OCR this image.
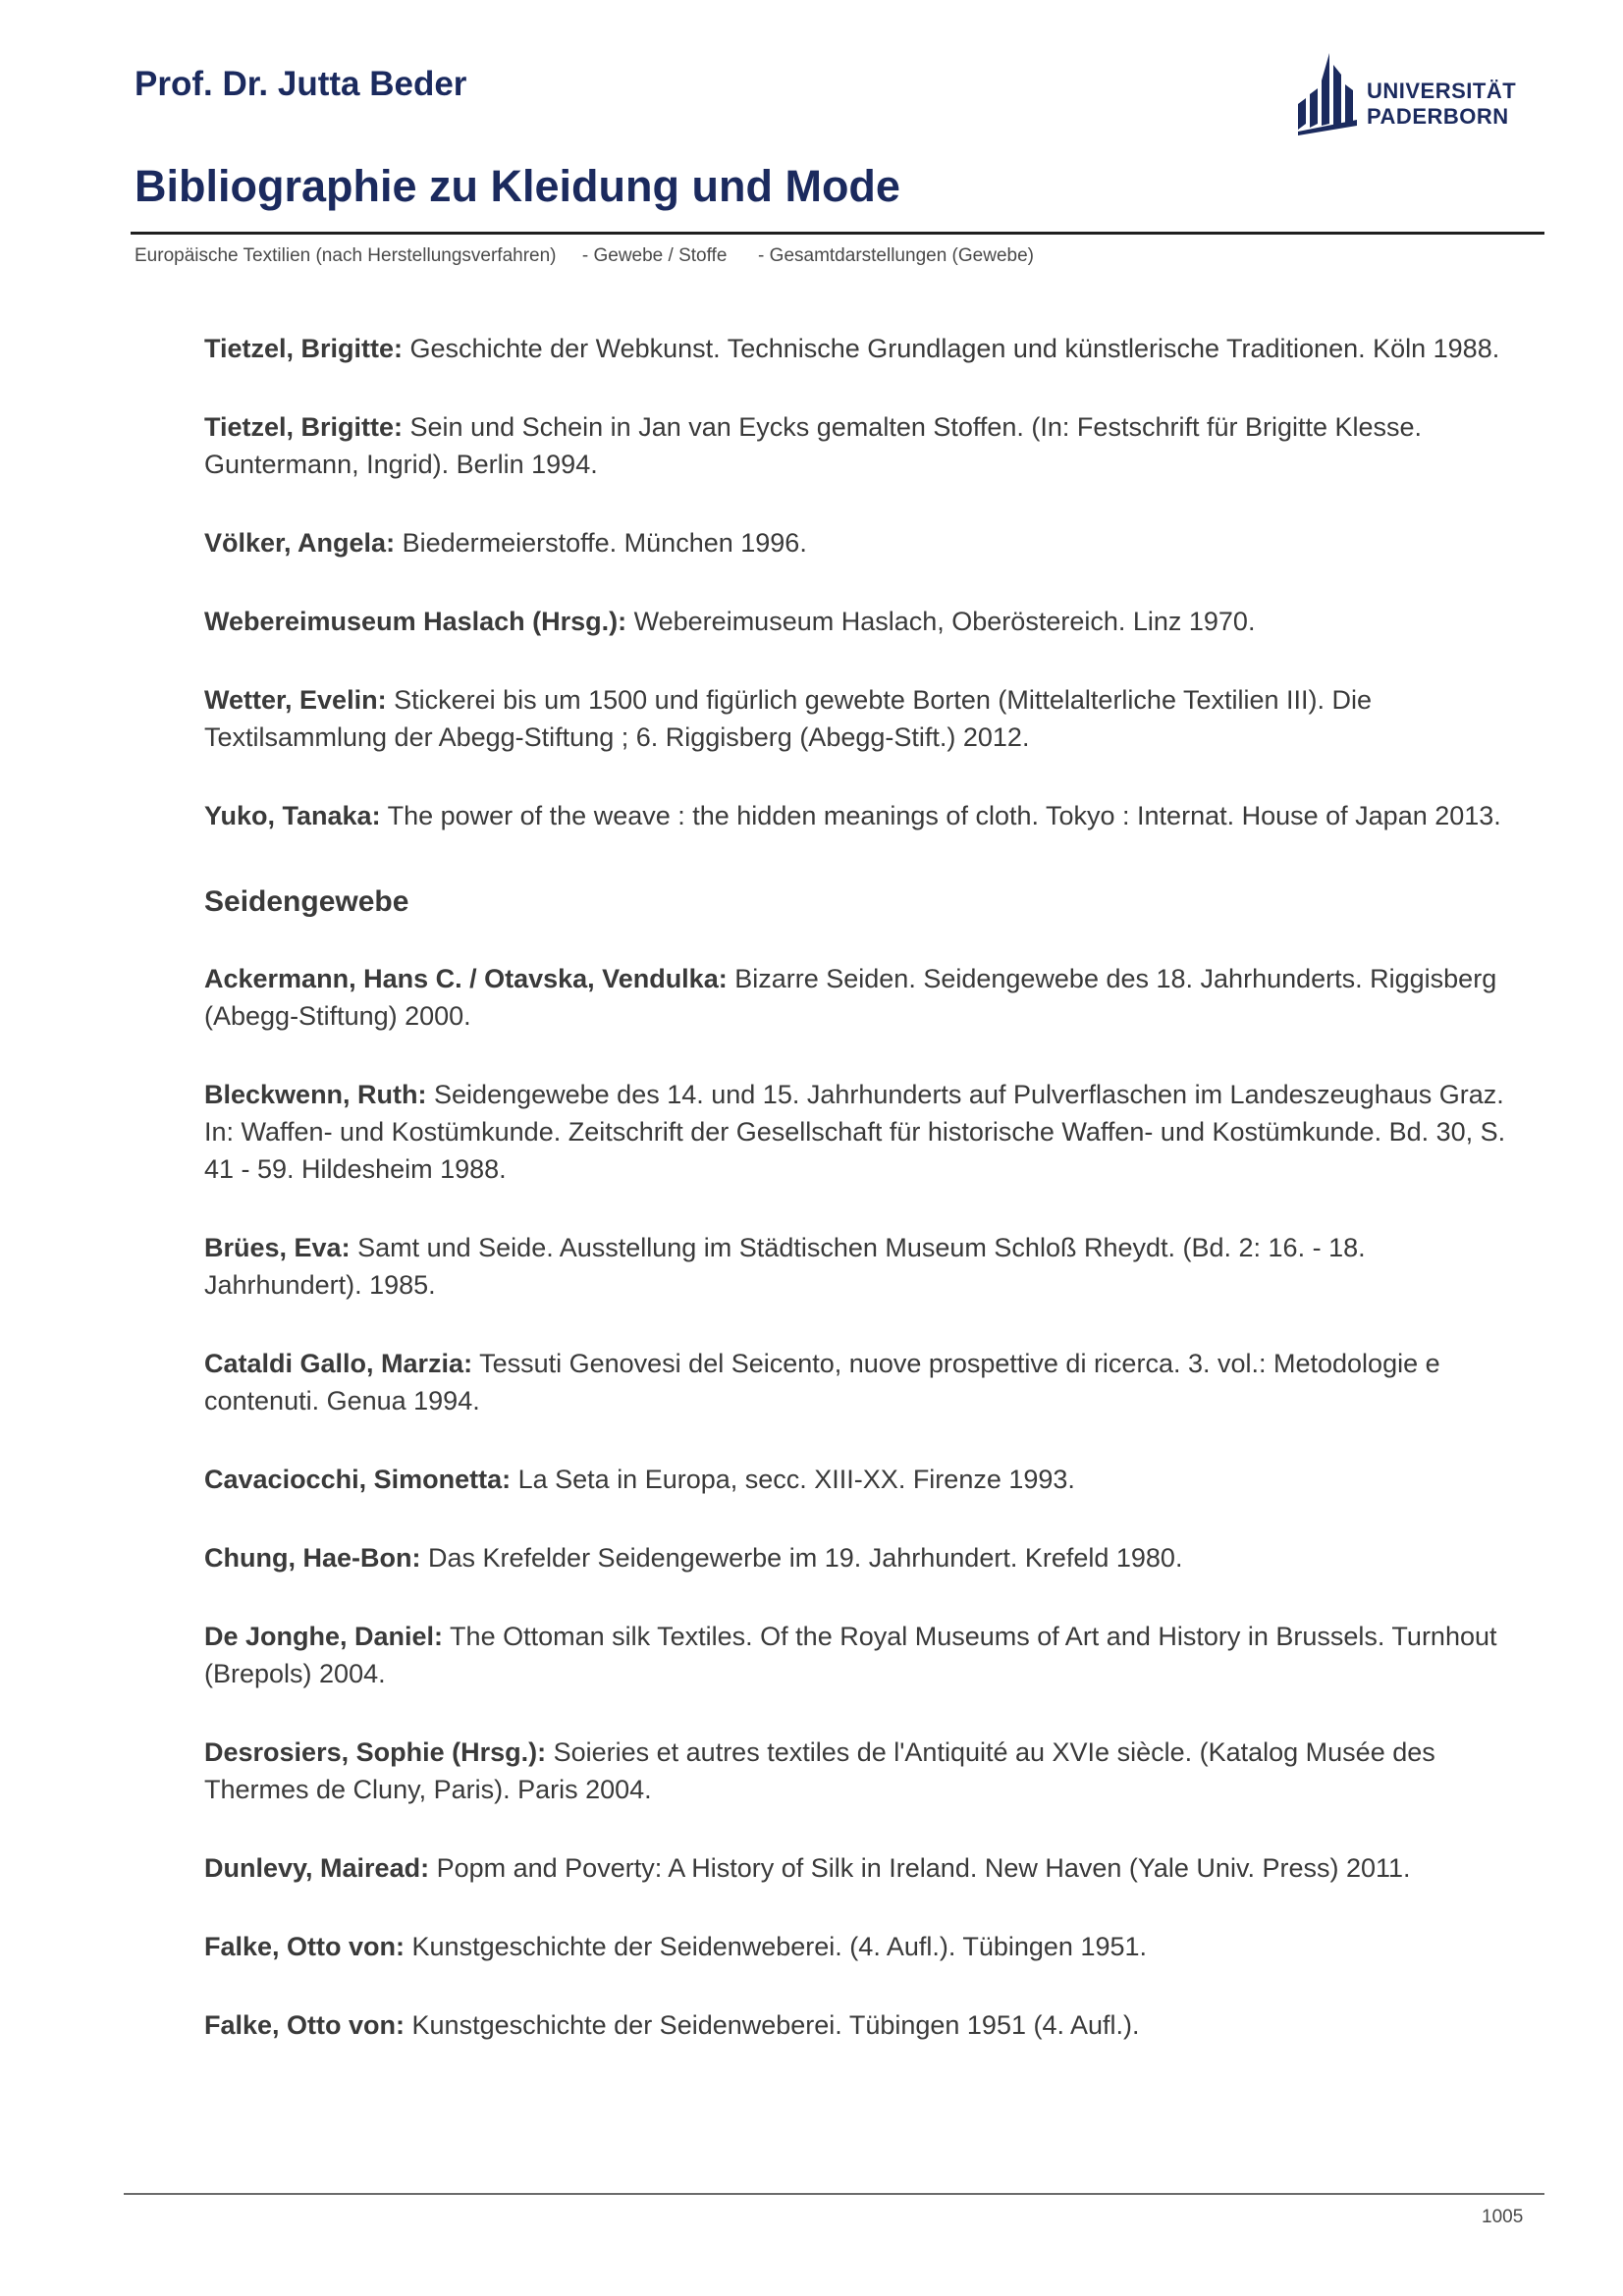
Prof. Dr. Jutta Beder	UNIVERSITÄT
PADERBORN
Bibliographie zu Kleidung und Mode
Europäische Textilien (nach Herstellungsverfahren)     - Gewebe / Stoffe      - Gesamtdarstellungen (Gewebe)

Tietzel, Brigitte: Geschichte der Webkunst. Technische Grundlagen und künstlerische Traditionen. Köln 1988.

Tietzel, Brigitte: Sein und Schein in Jan van Eycks gemalten Stoffen. (In: Festschrift für Brigitte Klesse. Guntermann, Ingrid). Berlin 1994.

Völker, Angela: Biedermeierstoffe. München 1996.

Webereimuseum Haslach (Hrsg.): Webereimuseum Haslach, Oberöstereich. Linz 1970.

Wetter, Evelin: Stickerei bis um 1500 und figürlich gewebte Borten (Mittelalterliche Textilien III). Die Textilsammlung der Abegg-Stiftung ; 6. Riggisberg (Abegg-Stift.) 2012.

Yuko, Tanaka: The power of the weave : the hidden meanings of cloth. Tokyo : Internat. House of Japan 2013.

Seidengewebe

Ackermann, Hans C. / Otavska, Vendulka: Bizarre Seiden. Seidengewebe des 18. Jahrhunderts. Riggisberg (Abegg-Stiftung) 2000.

Bleckwenn, Ruth: Seidengewebe des 14. und 15. Jahrhunderts auf Pulverflaschen im Landeszeughaus Graz. In: Waffen- und Kostümkunde. Zeitschrift der Gesellschaft für historische Waffen- und Kostümkunde. Bd. 30, S. 41 - 59. Hildesheim 1988.

Brües, Eva: Samt und Seide. Ausstellung im Städtischen Museum Schloß Rheydt. (Bd. 2: 16. - 18. Jahrhundert). 1985.

Cataldi Gallo, Marzia: Tessuti Genovesi del Seicento, nuove prospettive di ricerca. 3. vol.: Metodologie e contenuti. Genua 1994.

Cavaciocchi, Simonetta: La Seta in Europa, secc. XIII-XX. Firenze 1993.

Chung, Hae-Bon: Das Krefelder Seidengewerbe im 19. Jahrhundert. Krefeld 1980.

De Jonghe, Daniel: The Ottoman silk Textiles. Of the Royal Museums of Art and History in Brussels. Turnhout (Brepols) 2004.

Desrosiers, Sophie (Hrsg.): Soieries et autres textiles de l'Antiquité au XVIe siècle. (Katalog Musée des Thermes de Cluny, Paris). Paris 2004.

Dunlevy, Mairead: Popm and Poverty: A History of Silk in Ireland. New Haven (Yale Univ. Press) 2011.

Falke, Otto von: Kunstgeschichte der Seidenweberei. (4. Aufl.). Tübingen 1951.

Falke, Otto von: Kunstgeschichte der Seidenweberei. Tübingen 1951 (4. Aufl.).

1005
